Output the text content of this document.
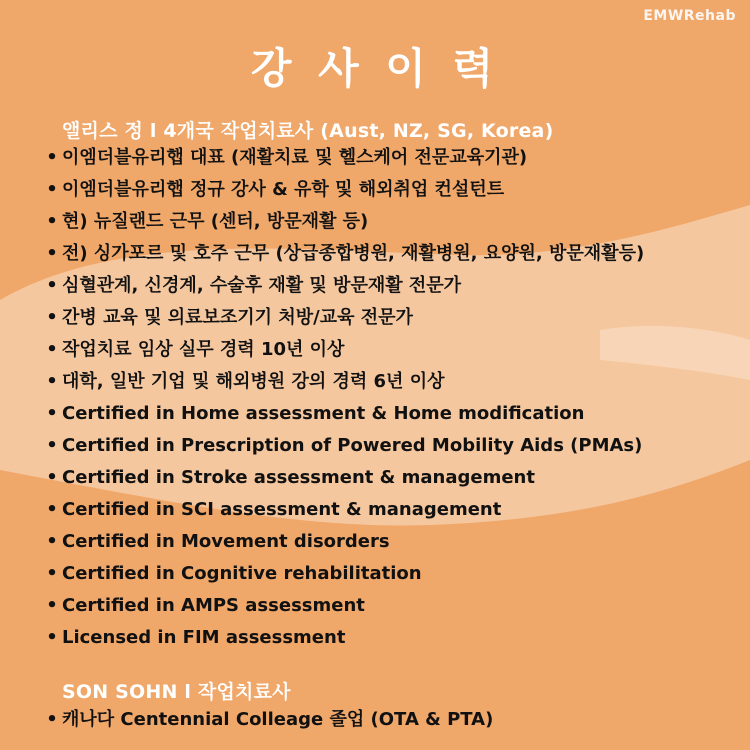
EMWRehab
강 사 이 력
앨리스 정 l 4개국 작업치료사 (Aust, NZ, SG, Korea)
• 이엠더블유리햅 대표 (재활치료 및 헬스케어 전문교육기관)
• 이엠더블유리햅 정규 강사 & 유학 및 해외취업 컨설턴트
• 현) 뉴질랜드 근무 (센터, 방문재활 등)
• 전) 싱가포르 및 호주 근무 (상급종합병원, 재활병원, 요양원, 방문재활등)
• 심혈관계, 신경계, 수술후 재활 및 방문재활 전문가
• 간병 교육 및 의료보조기기 처방/교육 전문가
• 작업치료 임상 실무 경력 10년 이상
• 대학, 일반 기업 및 해외병원 강의 경력 6년 이상
• Certified in Home assessment & Home modification
• Certified in Prescription of Powered Mobility Aids (PMAs)
• Certified in Stroke assessment & management
• Certified in SCI assessment & management
• Certified in Movement disorders
• Certified in Cognitive rehabilitation
• Certified in AMPS assessment
• Licensed in FIM assessment
SON SOHN l 작업치료사
• 캐나다 Centennial Colleage 졸업 (OTA & PTA)
